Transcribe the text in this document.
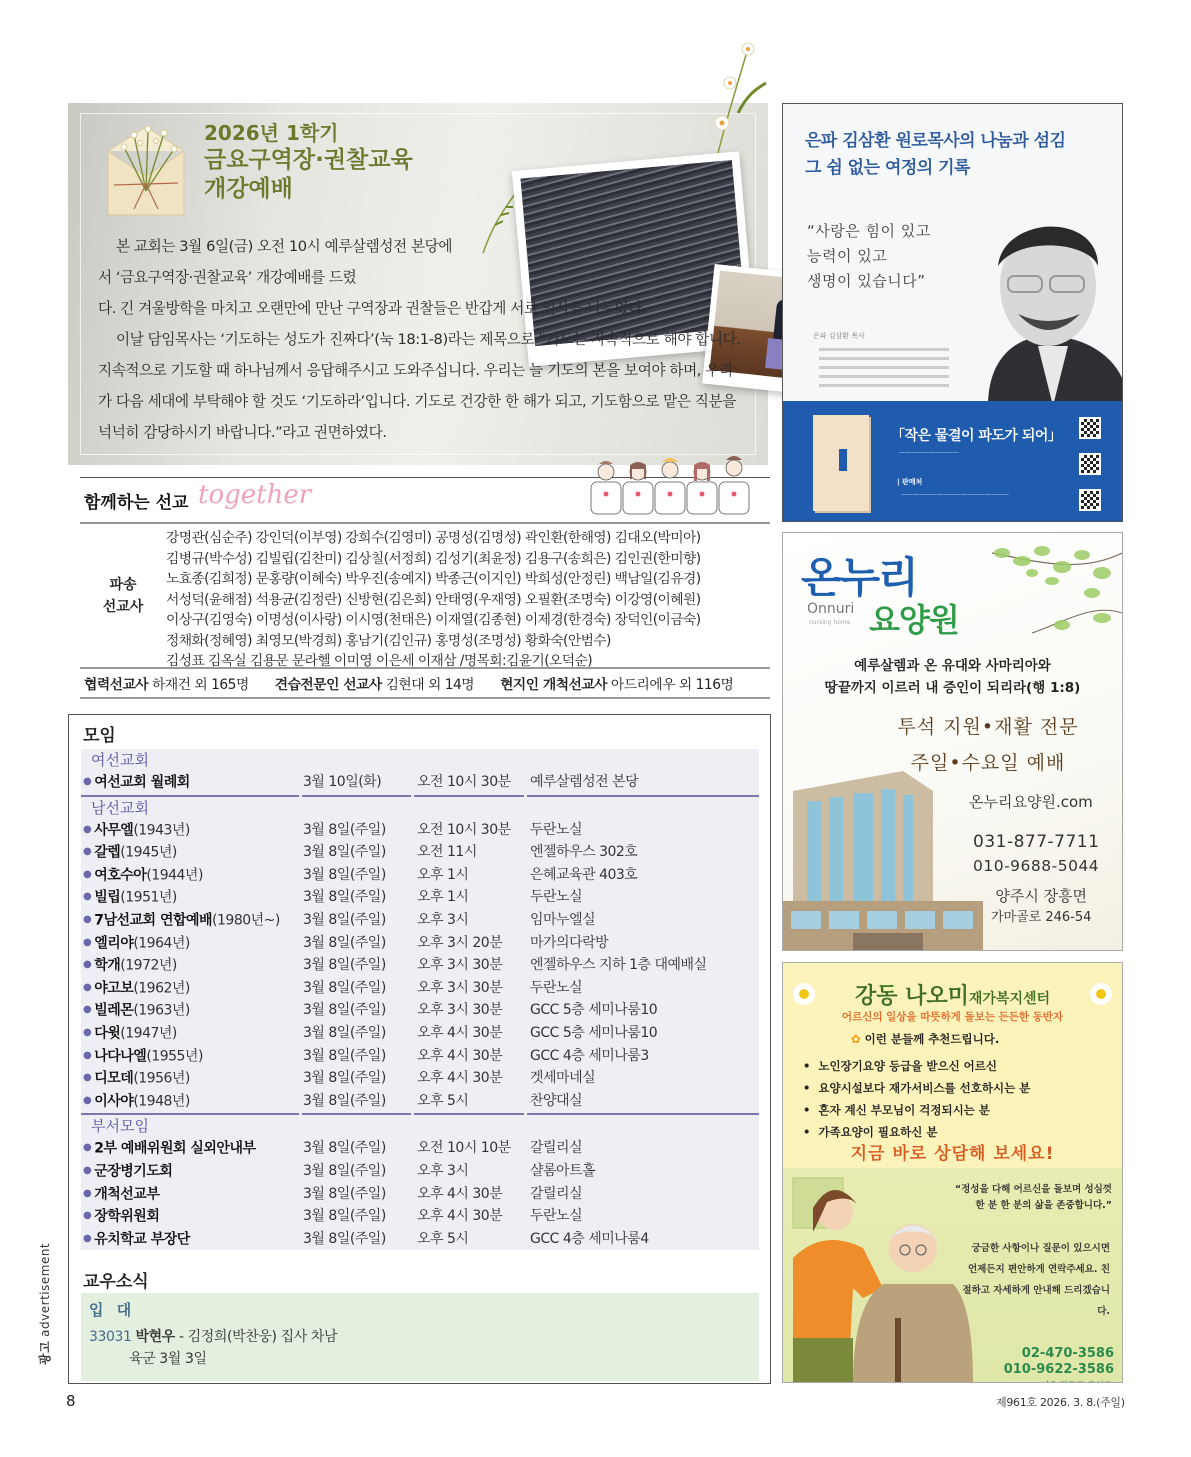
2026년 1학기
금요구역장·권찰교육
개강예배

본 교회는 3월 6일(금) 오전 10시 예루살렘성전 본당에서 ‘금요구역장·권찰교육’ 개강예배를 드렸

다. 긴 겨울방학을 마치고 오랜만에 만난 구역장과 권찰들은 반갑게 서로 인사를 나누었다.

이날 담임목사는 ‘기도하는 성도가 진짜다’(눅 18:1-8)라는 제목으로 “기도는 지속적으로 해야 합니다. 지속적으로 기도할 때 하나님께서 응답해주시고 도와주십니다. 우리는 늘 기도의 본을 보여야 하며, 우리가 다음 세대에 부탁해야 할 것도 ‘기도하라’입니다. 기도로 건강한 한 해가 되고, 기도함으로 맡은 직분을 넉넉히 감당하시기 바랍니다.”라고 권면하였다.

함께하는 선교 together
파송
선교사
강명관(심순주) 강인덕(이부영) 강희수(김영미) 공명성(김명성) 곽인환(한해영) 김대오(박미아)
김병규(박수성) 김빌립(김찬미) 김상칠(서정희) 김성기(최윤정) 김용구(송희은) 김인권(한미향)
노효종(김희정) 문홍량(이혜숙) 박우진(송예지) 박종근(이지인) 박희성(안정린) 백남일(김유경)
서성덕(윤해점) 석용균(김정란) 신방현(김은희) 안태영(우재영) 오필환(조명숙) 이강영(이혜원)
이상구(김영숙) 이명성(이사랑) 이시영(천태은) 이재열(김종현) 이제경(한경숙) 장덕인(이금숙)
정채화(정혜영) 최영모(박경희) 홍남기(김인규) 홍명성(조명성) 황화숙(안범수)
김성표 김옥실 김용문 문라헬 이미영 이은세 이재삼 /명목회:김윤기(오덕순)
협력선교사 하재건 외 165명 견습전문인 선교사 김현대 외 14명 현지인 개척선교사 아드리에우 외 116명
모임
여선교회
● 여선교회 월례회	3월 10일(화)	오전 10시 30분	예루살렘성전 본당
남선교회
● 사무엘(1943년)	3월 8일(주일)	오전 10시 30분	두란노실
● 갈렙(1945년)	3월 8일(주일)	오전 11시	엔젤하우스 302호
● 여호수아(1944년)	3월 8일(주일)	오후 1시	은혜교육관 403호
● 빌립(1951년)	3월 8일(주일)	오후 1시	두란노실
● 7남선교회 연합예배(1980년~)	3월 8일(주일)	오후 3시	임마누엘실
● 엘리야(1964년)	3월 8일(주일)	오후 3시 20분	마가의다락방
● 학개(1972년)	3월 8일(주일)	오후 3시 30분	엔젤하우스 지하 1층 대예배실
● 야고보(1962년)	3월 8일(주일)	오후 3시 30분	두란노실
● 빌레몬(1963년)	3월 8일(주일)	오후 3시 30분	GCC 5층 세미나룸10
● 다윗(1947년)	3월 8일(주일)	오후 4시 30분	GCC 5층 세미나룸10
● 나다나엘(1955년)	3월 8일(주일)	오후 4시 30분	GCC 4층 세미나룸3
● 디모데(1956년)	3월 8일(주일)	오후 4시 30분	겟세마네실
● 이사야(1948년)	3월 8일(주일)	오후 5시	찬양대실
부서모임
● 2부 예배위원회 실외안내부	3월 8일(주일)	오전 10시 10분	갈릴리실
● 군장병기도회	3월 8일(주일)	오후 3시	샬롬아트홀
● 개척선교부	3월 8일(주일)	오후 4시 30분	갈릴리실
● 장학위원회	3월 8일(주일)	오후 4시 30분	두란노실
● 유치학교 부장단	3월 8일(주일)	오후 5시	GCC 4층 세미나룸4
교우소식
입 대
33031 박현우 - 김정희(박찬웅) 집사 차남
육군 3월 3일
광고advertisement
8	제961호 2026. 3. 8.(주일)
은파 김삼환 원로목사의 나눔과 섬김
그 쉼 없는 여정의 기록
“사랑은 힘이 있고
능력이 있고
생명이 있습니다”
은파 김삼환 목사
「작은 물결이 파도가 되어」
——————————
| 판매처
——————————————————
온누리
Onnuri
nursing home 요양원
예루살렘과 온 유대와 사마리아와
땅끝까지 이르러 내 증인이 되리라(행 1:8)
투석 지원•재활 전문
주일•수요일 예배
온누리요양원.com
031-877-7711
010-9688-5044
양주시 장흥면
가마골로 246-54
강동 나오미재가복지센터
어르신의 일상을 따뜻하게 돌보는 든든한 동반자
✿ 이런 분들께 추천드립니다.
• 노인장기요양 등급을 받으신 어르신
• 요양시설보다 재가서비스를 선호하시는 분
• 혼자 계신 부모님이 걱정되시는 분
• 가족요양이 필요하신 분
지금 바로 상담해 보세요!
“정성을 다해 어르신을 돌보며 성심껏 한 분 한 분의 삶을 존중합니다.”
궁금한 사항이나 질문이 있으시면 언제든지 편안하게 연락주세요. 친절하고 자세하게 안내해 드리겠습니다.
02-470-3586
010-9622-3586
